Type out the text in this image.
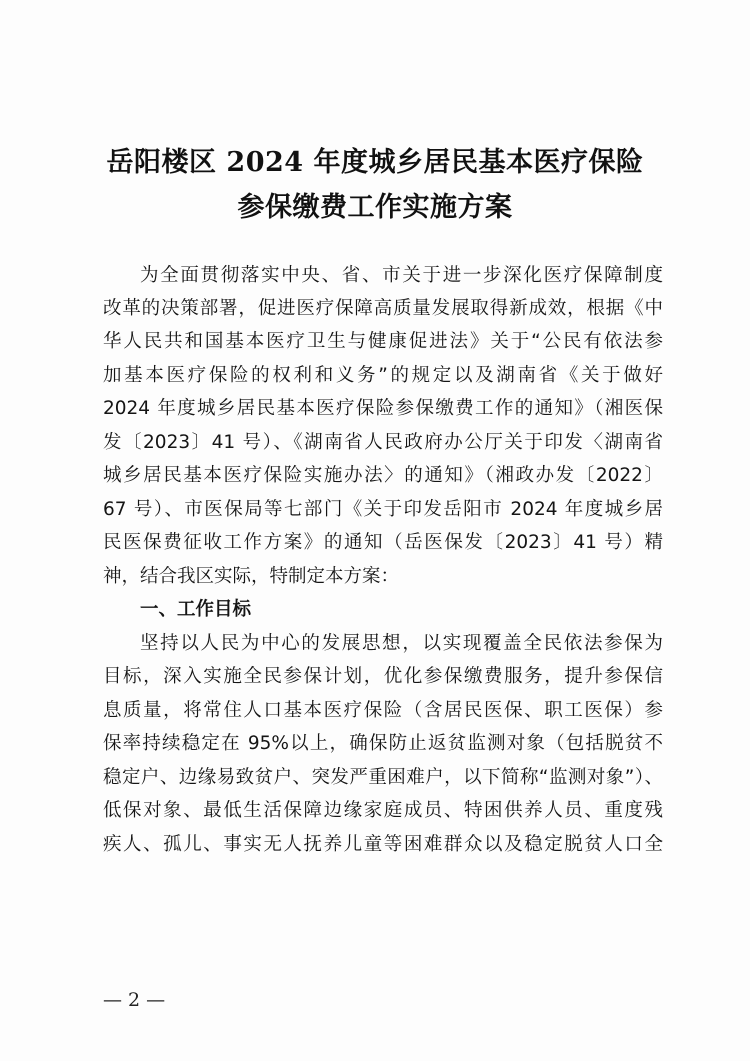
岳阳楼区 2024 年度城乡居民基本医疗保险
参保缴费工作实施方案
为全面贯彻落实中央、省、市关于进一步深化医疗保障制度
改革的决策部署，促进医疗保障高质量发展取得新成效，根据《中
华人民共和国基本医疗卫生与健康促进法》关于“公民有依法参
加基本医疗保险的权利和义务”的规定以及湖南省《关于做好
2024 年度城乡居民基本医疗保险参保缴费工作的通知》（湘医保
发〔2023〕41 号）、《湖南省人民政府办公厅关于印发〈湖南省
城乡居民基本医疗保险实施办法〉的通知》（湘政办发〔2022〕
67 号）、市医保局等七部门《关于印发岳阳市 2024 年度城乡居
民医保费征收工作方案》的通知（岳医保发〔2023〕41 号）精
神，结合我区实际，特制定本方案：
一、工作目标
坚持以人民为中心的发展思想，以实现覆盖全民依法参保为
目标，深入实施全民参保计划，优化参保缴费服务，提升参保信
息质量，将常住人口基本医疗保险（含居民医保、职工医保）参
保率持续稳定在 95%以上，确保防止返贫监测对象（包括脱贫不
稳定户、边缘易致贫户、突发严重困难户，以下简称“监测对象”）、
低保对象、最低生活保障边缘家庭成员、特困供养人员、重度残
疾人、孤儿、事实无人抚养儿童等困难群众以及稳定脱贫人口全
— 2 —
